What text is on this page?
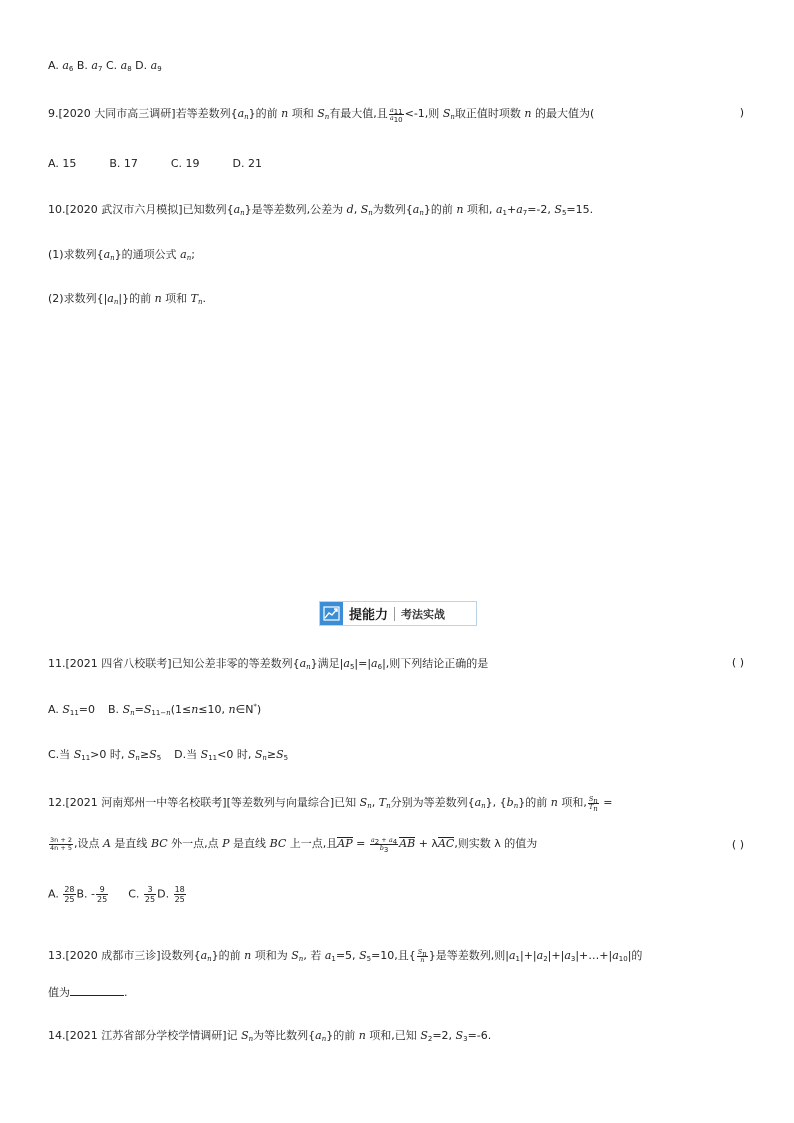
A. $a_6$ B. $a_7$ C. $a_8$ D. $a_9$
9.[2020 大同市高三调研]若等差数列$\{a_n\}$的前 n 项和 $S_n$有最大值,且 $\frac{a_{11}}{a_{10}} <-1$,则 $S_n$取正值时项数 n 的最大值为(	)
A. 15	B. 17	C. 19	D. 21
10.[2020 武汉市六月模拟]已知数列$\{a_n\}$是等差数列,公差为 d, $S_n$为数列$\{a_n\}$的前 n 项和, $a_1+a_7=-2$, $S_5=15$.
(1)求数列$\{a_n\}$的通项公式 $a_n$;
(2)求数列$\{|a_n|\}$的前 n 项和 $T_n$.
提能力 考法实战
11.[2021 四省八校联考]已知公差非零的等差数列$\{a_n\}$满足$|a_5|=|a_6|$,则下列结论正确的是	( )
A. $S_{11}=0$ B. $S_n=S_{11-n}(1\le n\le 10$, n∈N*)
C.当 $S_{11}>0$ 时, $S_n\ge S_5$ D.当 $S_{11}<0$ 时, $S_n\ge S_5$
12.[2021 河南郑州一中等名校联考][等差数列与向量综合]已知 $S_n$, $T_n$分别为等差数列$\{a_n\}$, $\{b_n\}$的前 n 项和, $\frac{S_n}{T_n}$ =
$\frac{3n + 2}{4n + 5}$ ,设点 A 是直线 BC 外一点,点 P 是直线 BC 上一点,且AP = $\frac{a_2 + a_4}{b_3}$ AB + λAC,则实数 λ 的值为	( )
A. $\frac{28}{25} B$. - $\frac{9}{25} C$. $\frac{3}{25} D$. $\frac{18}{25}$
13.[2020 成都市三诊]设数列$\{a_n\}$的前 n 项和为 $S_n$, 若 $a_1=5$, $S_5=10$,且{ $\frac{S_n}{n}$ }是等差数列,则$|a_1|+|a_2|+|a_3|+\dots+|a_{10}|$的
值为	.
14.[2021 江苏省部分学校学情调研]记 $S_n$为等比数列$\{a_n\}$的前 n 项和,已知 $S_2=2$, $S_3=-6$.
